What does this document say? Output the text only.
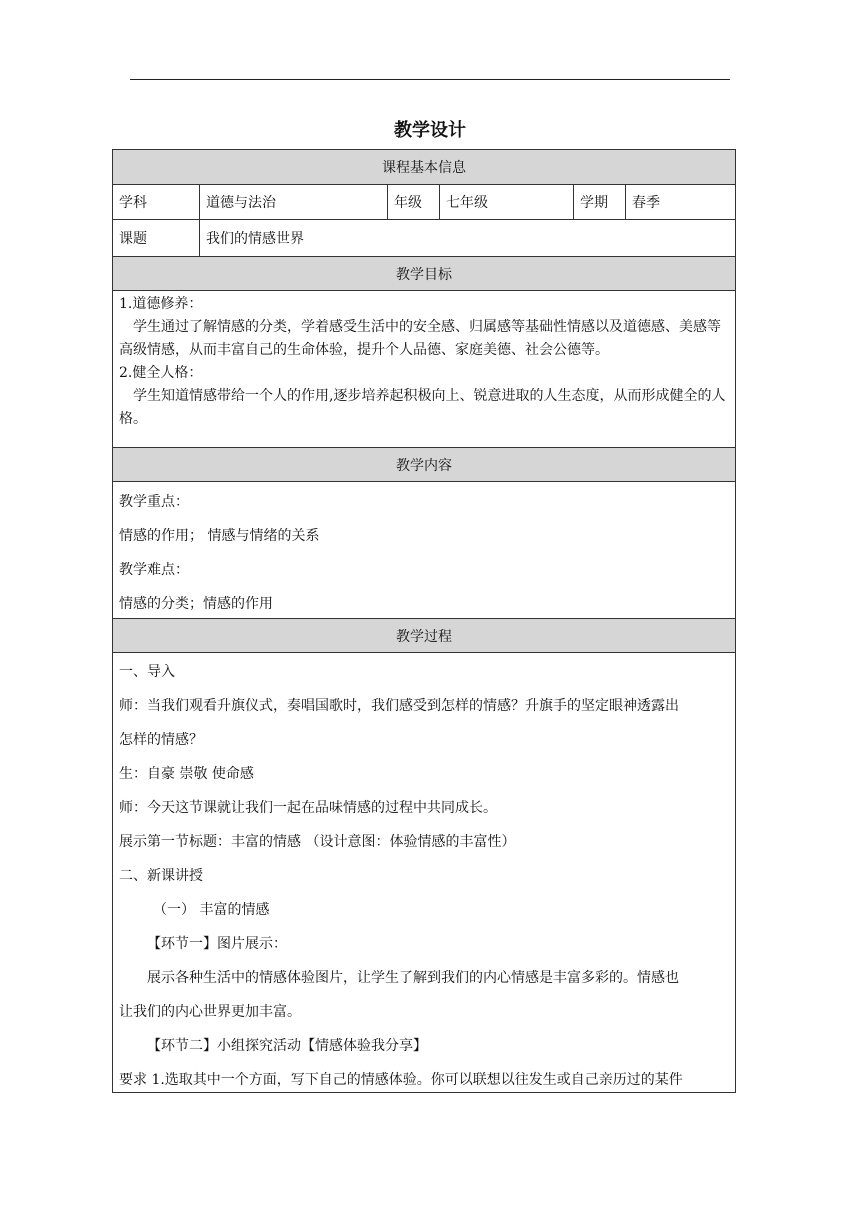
教学设计
课程基本信息
学科	道德与法治	年级	七年级	学期	春季
课题	我们的情感世界
教学目标

1.道德修养：

学生通过了解情感的分类，学着感受生活中的安全感、归属感等基础性情感以及道德感、美感等高级情感，从而丰富自己的生命体验，提升个人品德、家庭美德、社会公德等。

2.健全人格：

学生知道情感带给一个人的作用,逐步培养起积极向上、锐意进取的人生态度，从而形成健全的人格。

教学内容
教学重点：
情感的作用； 情感与情绪的关系
教学难点：
情感的分类；情感的作用
教学过程
一、导入
师：当我们观看升旗仪式，奏唱国歌时，我们感受到怎样的情感？升旗手的坚定眼神透露出
怎样的情感？
生：自豪 崇敬 使命感
师：今天这节课就让我们一起在品味情感的过程中共同成长。
展示第一节标题：丰富的情感 （设计意图：体验情感的丰富性）
二、新课讲授
（一） 丰富的情感
【环节一】图片展示：
展示各种生活中的情感体验图片，让学生了解到我们的内心情感是丰富多彩的。情感也
让我们的内心世界更加丰富。
【环节二】小组探究活动【情感体验我分享】
要求 1.选取其中一个方面，写下自己的情感体验。你可以联想以往发生或自己亲历过的某件
